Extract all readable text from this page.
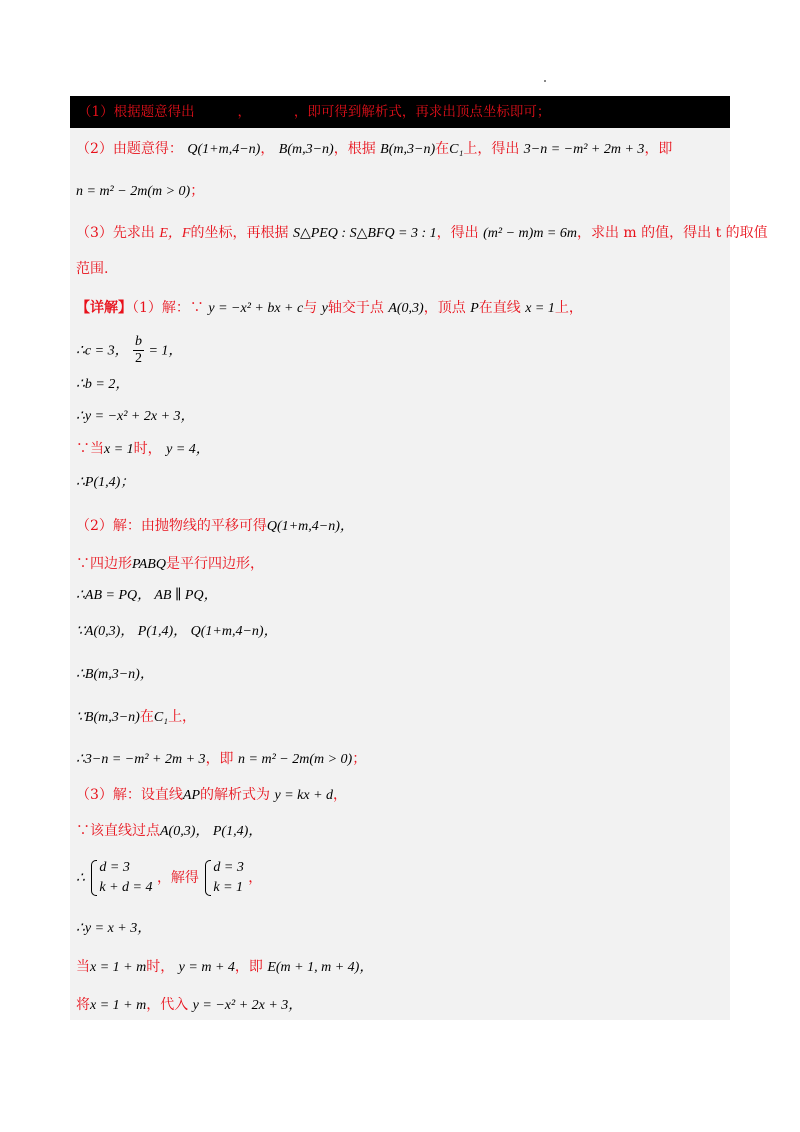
（1）根据题意得出          ，          ，即可得到解析式，再求出顶点坐标即可；
（2）由题意得： Q(1+m,4−n)， B(m,3−n)，根据 B(m,3−n)在C₁上，得出 3−n = −m² + 2m + 3，即
n = m² − 2m(m > 0)；
（3）先求出 E，F的坐标，再根据 S△PEQ : S△BFQ = 3 : 1，得出 (m² − m)m = 6m，求出 m 的值，得出 t 的取值
范围.
【详解】（1）解：∵ y = −x² + bx + c与 y轴交于点 A(0,3)，顶点 P在直线 x = 1上，
∴c = 3， $\frac{b}{2} = 1$，
∴b = 2，
∴y = −x² + 2x + 3，
∵当x = 1时， y = 4，
∴P(1,4)；
（2）解：由抛物线的平移可得Q(1+m,4−n)，
∵四边形PABQ是平行四边形，
∴AB = PQ， AB ∥ PQ，
∵A(0,3)， P(1,4)， Q(1+m,4−n)，
∴B(m,3−n)，
∵B(m,3−n)在C₁上，
∴3−n = −m² + 2m + 3，即 n = m² − 2m(m > 0)；
（3）解：设直线AP的解析式为 y = kx + d，
∵该直线过点A(0,3)， P(1,4)，
∴
d = 3
k + d = 4
，解得
d = 3
k = 1
，
∴y = x + 3，
当x = 1 + m时， y = m + 4，即 E(m + 1, m + 4)，
将x = 1 + m，代入 y = −x² + 2x + 3，
